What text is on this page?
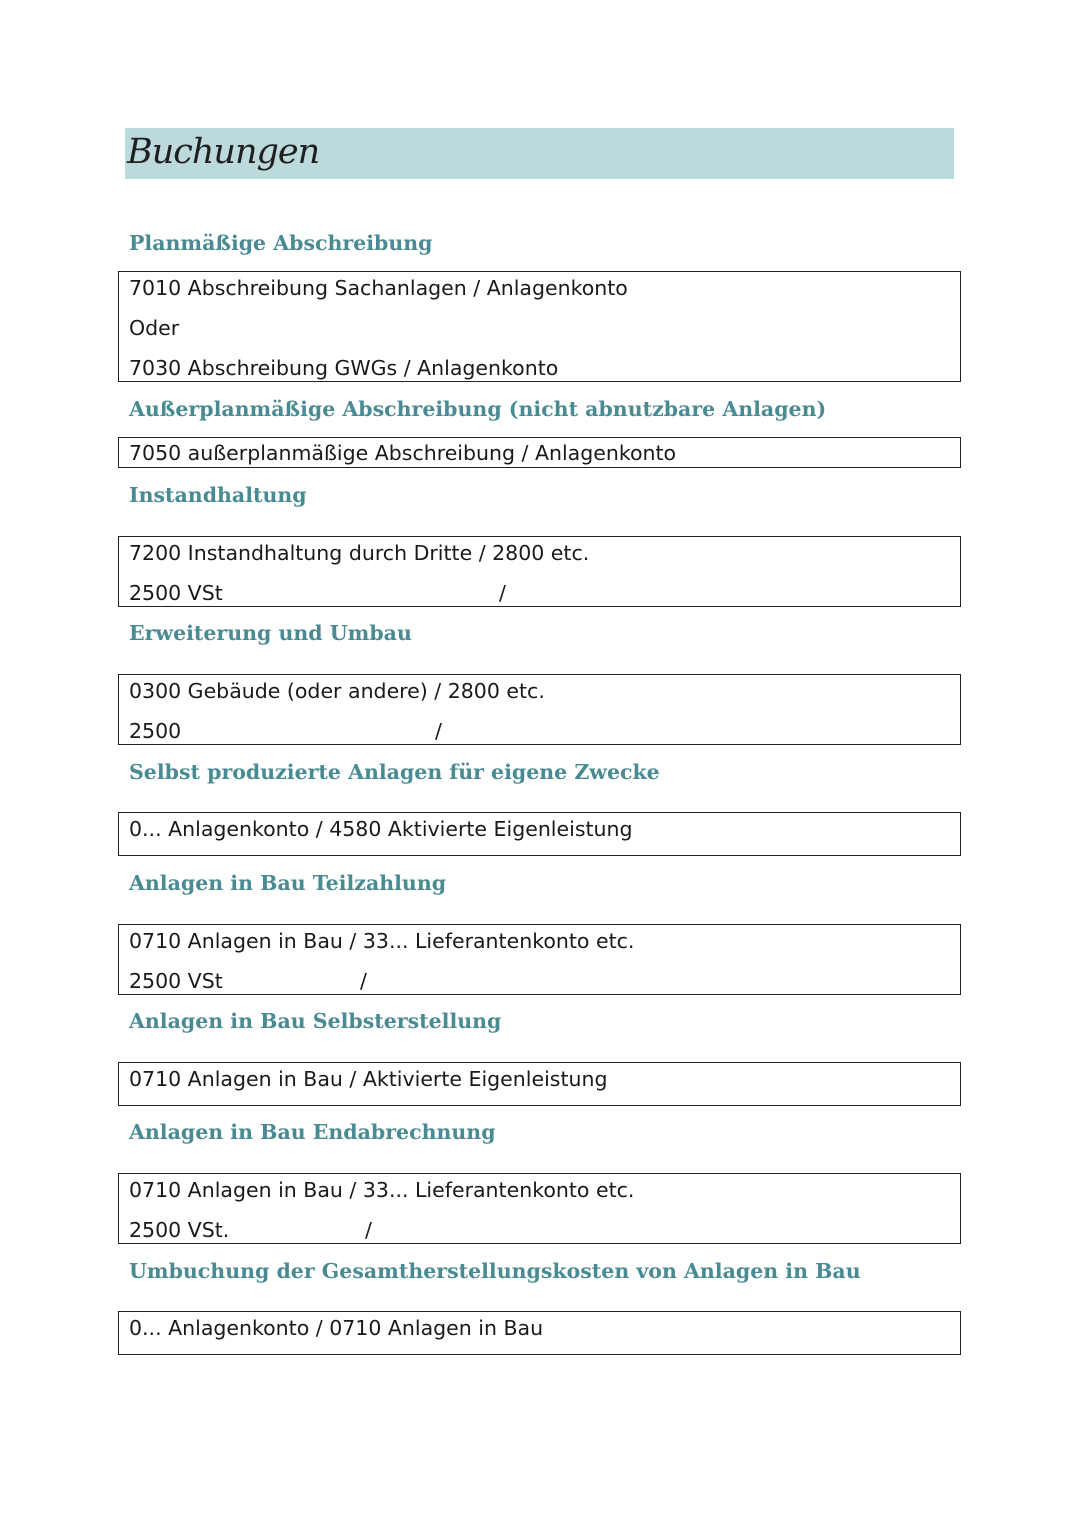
Buchungen
Planmäßige Abschreibung
7010 Abschreibung Sachanlagen / Anlagenkonto
Oder
7030 Abschreibung GWGs / Anlagenkonto
Außerplanmäßige Abschreibung (nicht abnutzbare Anlagen)
7050 außerplanmäßige Abschreibung / Anlagenkonto
Instandhaltung
7200 Instandhaltung durch Dritte / 2800 etc.
2500 VSt	/
Erweiterung und Umbau
0300 Gebäude (oder andere) / 2800 etc.
2500	/
Selbst produzierte Anlagen für eigene Zwecke
0... Anlagenkonto / 4580 Aktivierte Eigenleistung
Anlagen in Bau Teilzahlung
0710 Anlagen in Bau / 33... Lieferantenkonto etc.
2500 VSt	/
Anlagen in Bau Selbsterstellung
0710 Anlagen in Bau / Aktivierte Eigenleistung
Anlagen in Bau Endabrechnung
0710 Anlagen in Bau / 33... Lieferantenkonto etc.
2500 VSt.	/
Umbuchung der Gesamtherstellungskosten von Anlagen in Bau
0... Anlagenkonto / 0710 Anlagen in Bau
